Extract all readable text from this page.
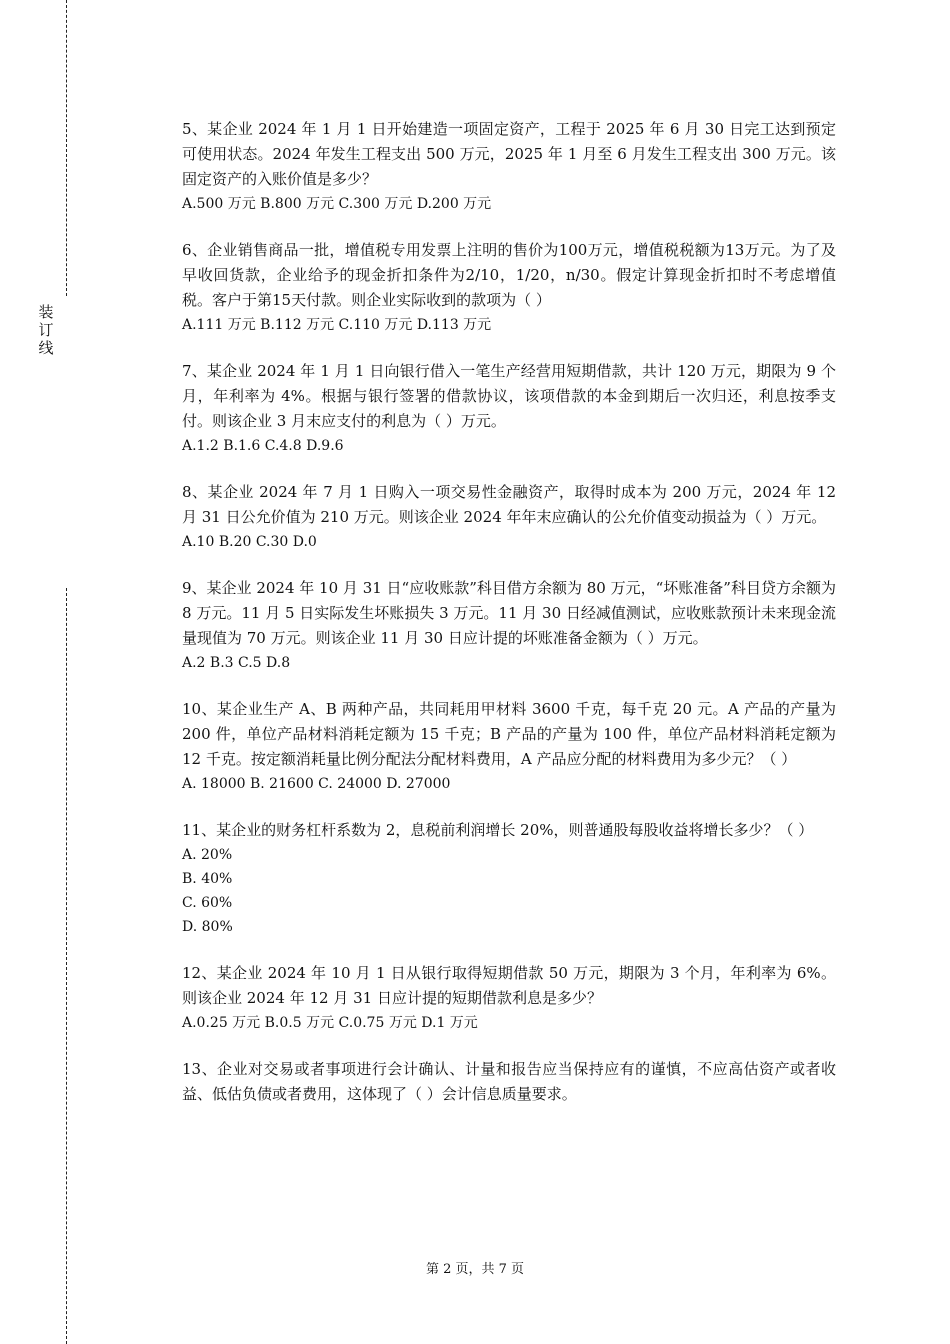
装
订
线
5、某企业 2024 年 1 月 1 日开始建造一项固定资产，工程于 2025 年 6 月 30 日完工达到预定可使用状态。2024 年发生工程支出 500 万元，2025 年 1 月至 6 月发生工程支出 300 万元。该固定资产的入账价值是多少？
A.500 万元 B.800 万元 C.300 万元 D.200 万元
6、企业销售商品一批，增值税专用发票上注明的售价为100万元，增值税税额为13万元。为了及早收回货款，企业给予的现金折扣条件为2/10，1/20，n/30。假定计算现金折扣时不考虑增值税。客户于第15天付款。则企业实际收到的款项为（ ）
A.111 万元 B.112 万元 C.110 万元 D.113 万元
7、某企业 2024 年 1 月 1 日向银行借入一笔生产经营用短期借款，共计 120 万元，期限为 9 个月，年利率为 4%。根据与银行签署的借款协议，该项借款的本金到期后一次归还，利息按季支付。则该企业 3 月末应支付的利息为（ ）万元。
A.1.2 B.1.6 C.4.8 D.9.6
8、某企业 2024 年 7 月 1 日购入一项交易性金融资产，取得时成本为 200 万元，2024 年 12 月 31 日公允价值为 210 万元。则该企业 2024 年年末应确认的公允价值变动损益为（ ）万元。
A.10 B.20 C.30 D.0
9、某企业 2024 年 10 月 31 日“应收账款”科目借方余额为 80 万元，“坏账准备”科目贷方余额为 8 万元。11 月 5 日实际发生坏账损失 3 万元。11 月 30 日经减值测试，应收账款预计未来现金流量现值为 70 万元。则该企业 11 月 30 日应计提的坏账准备金额为（ ）万元。
A.2 B.3 C.5 D.8
10、某企业生产 A、B 两种产品，共同耗用甲材料 3600 千克，每千克 20 元。A 产品的产量为 200 件，单位产品材料消耗定额为 15 千克；B 产品的产量为 100 件，单位产品材料消耗定额为 12 千克。按定额消耗量比例分配法分配材料费用，A 产品应分配的材料费用为多少元？（ ）
A. 18000 B. 21600 C. 24000 D. 27000
11、某企业的财务杠杆系数为 2，息税前利润增长 20%，则普通股每股收益将增长多少？（ ）
A. 20%
B. 40%
C. 60%
D. 80%
12、某企业 2024 年 10 月 1 日从银行取得短期借款 50 万元，期限为 3 个月，年利率为 6%。则该企业 2024 年 12 月 31 日应计提的短期借款利息是多少？
A.0.25 万元 B.0.5 万元 C.0.75 万元 D.1 万元
13、企业对交易或者事项进行会计确认、计量和报告应当保持应有的谨慎，不应高估资产或者收益、低估负债或者费用，这体现了（ ）会计信息质量要求。
第 2 页，共 7 页
